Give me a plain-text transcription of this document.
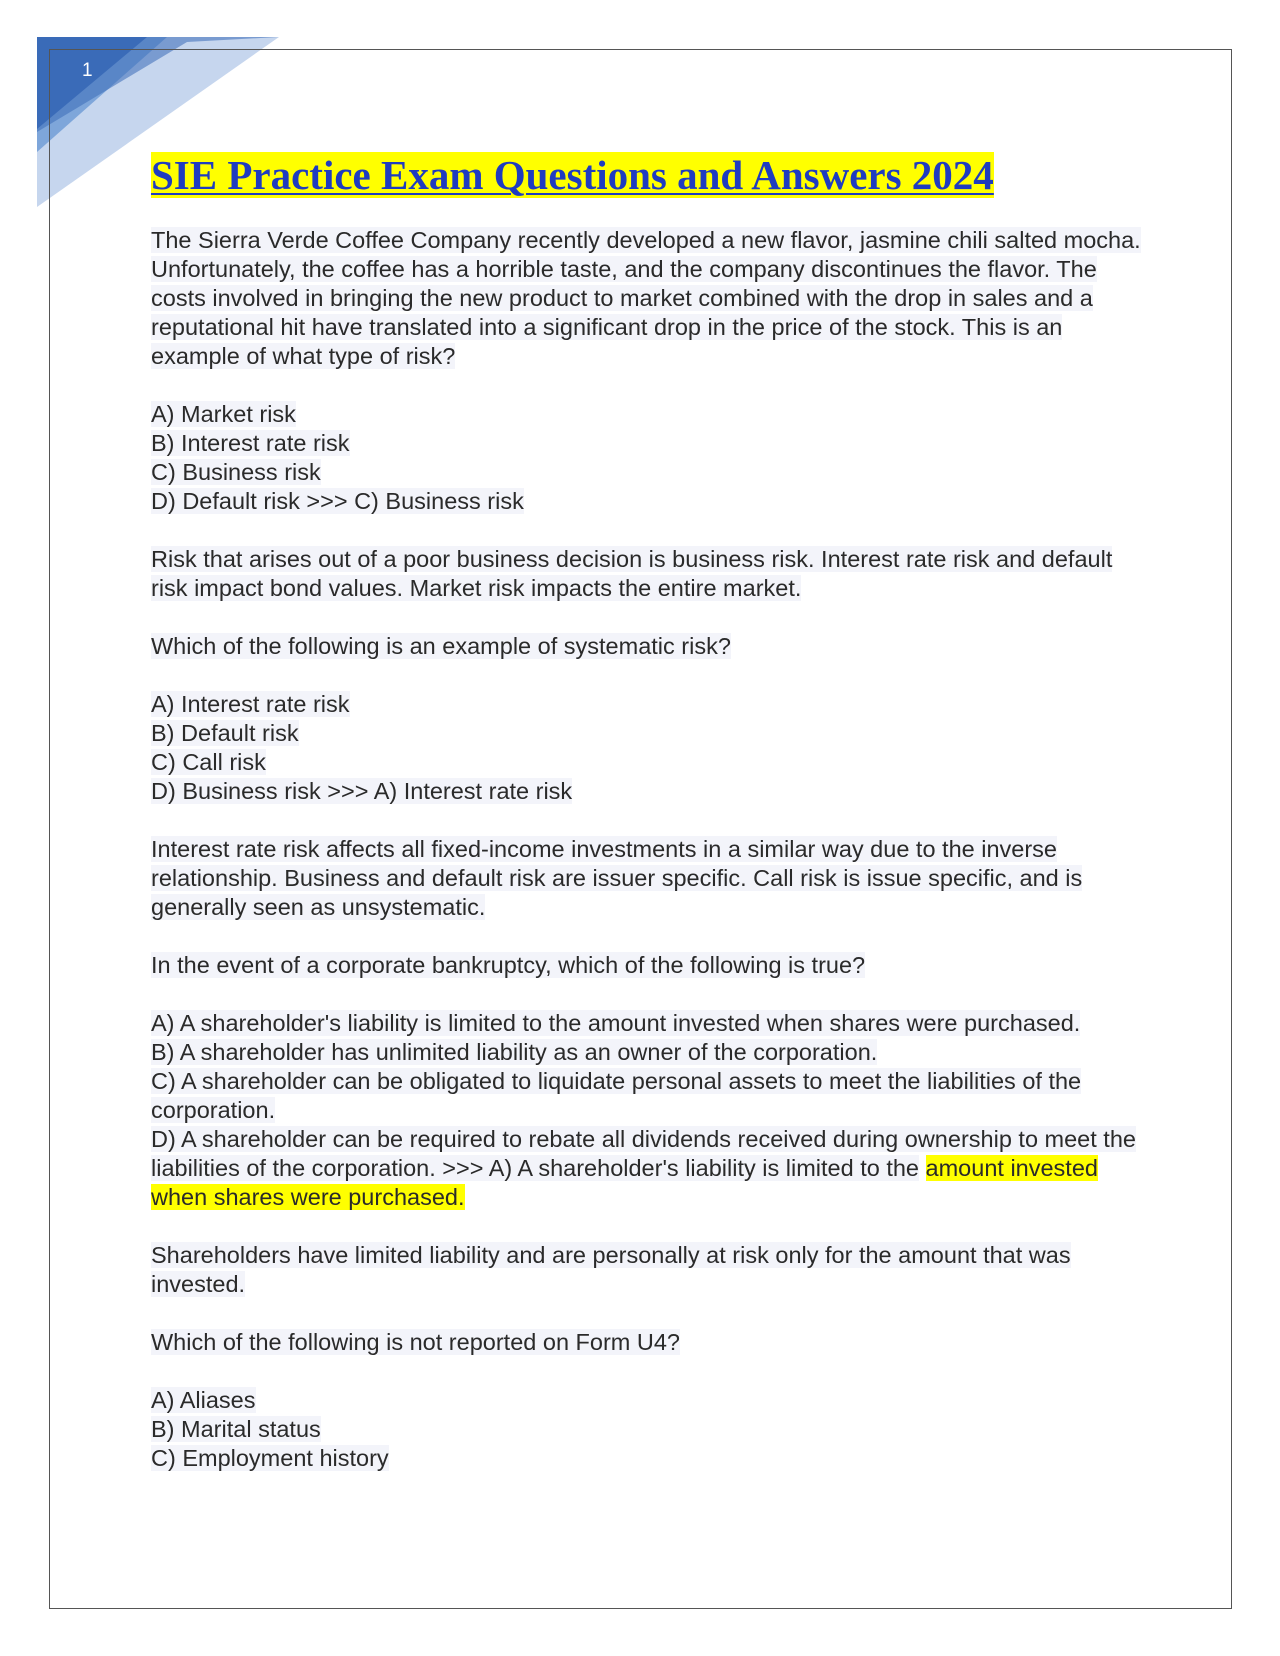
1
SIE Practice Exam Questions and Answers 2024

The Sierra Verde Coffee Company recently developed a new flavor, jasmine chili salted mocha. Unfortunately, the coffee has a horrible taste, and the company discontinues the flavor. The costs involved in bringing the new product to market combined with the drop in sales and a reputational hit have translated into a significant drop in the price of the stock. This is an example of what type of risk?

A) Market risk
B) Interest rate risk
C) Business risk
D) Default risk >>> C) Business risk

Risk that arises out of a poor business decision is business risk. Interest rate risk and default risk impact bond values. Market risk impacts the entire market.

Which of the following is an example of systematic risk?

A) Interest rate risk
B) Default risk
C) Call risk
D) Business risk >>> A) Interest rate risk

Interest rate risk affects all fixed-income investments in a similar way due to the inverse relationship. Business and default risk are issuer specific. Call risk is issue specific, and is generally seen as unsystematic.

In the event of a corporate bankruptcy, which of the following is true?

A) A shareholder's liability is limited to the amount invested when shares were purchased.
B) A shareholder has unlimited liability as an owner of the corporation.
C) A shareholder can be obligated to liquidate personal assets to meet the liabilities of the corporation.
D) A shareholder can be required to rebate all dividends received during ownership to meet the liabilities of the corporation. >>> A) A shareholder's liability is limited to the amount invested when shares were purchased.

Shareholders have limited liability and are personally at risk only for the amount that was invested.

Which of the following is not reported on Form U4?

A) Aliases
B) Marital status
C) Employment history
